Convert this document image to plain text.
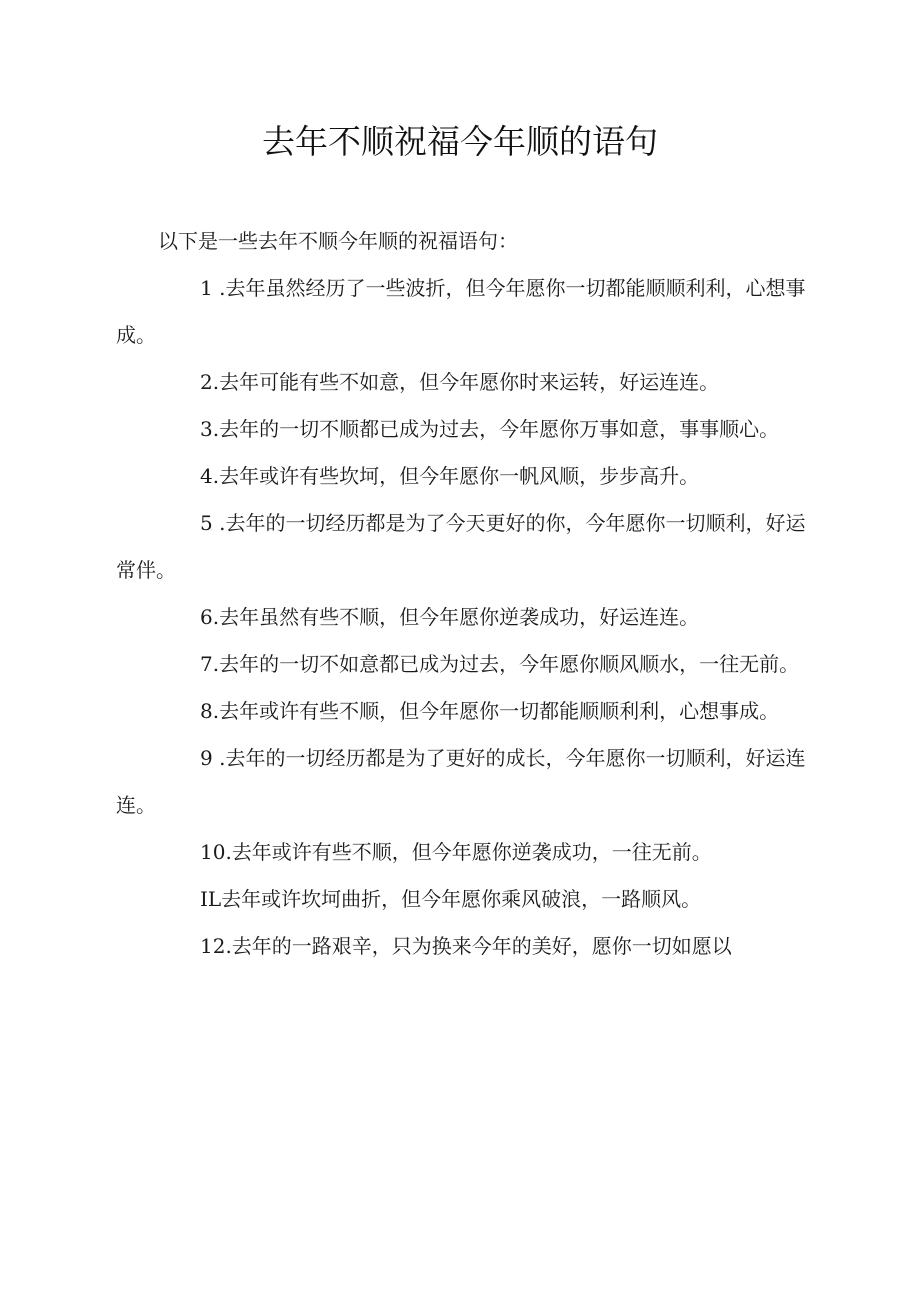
去年不顺祝福今年顺的语句

以下是一些去年不顺今年顺的祝福语句：

1 .去年虽然经历了一些波折，但今年愿你一切都能顺顺利利，心想事成。

2.去年可能有些不如意，但今年愿你时来运转，好运连连。

3.去年的一切不顺都已成为过去，今年愿你万事如意，事事顺心。

4.去年或许有些坎坷，但今年愿你一帆风顺，步步高升。

5 .去年的一切经历都是为了今天更好的你，今年愿你一切顺利，好运常伴。

6.去年虽然有些不顺，但今年愿你逆袭成功，好运连连。

7.去年的一切不如意都已成为过去，今年愿你顺风顺水，一往无前。

8.去年或许有些不顺，但今年愿你一切都能顺顺利利，心想事成。

9 .去年的一切经历都是为了更好的成长，今年愿你一切顺利，好运连连。

10.去年或许有些不顺，但今年愿你逆袭成功，一往无前。

IL去年或许坎坷曲折，但今年愿你乘风破浪，一路顺风。

12.去年的一路艰辛，只为换来今年的美好，愿你一切如愿以
